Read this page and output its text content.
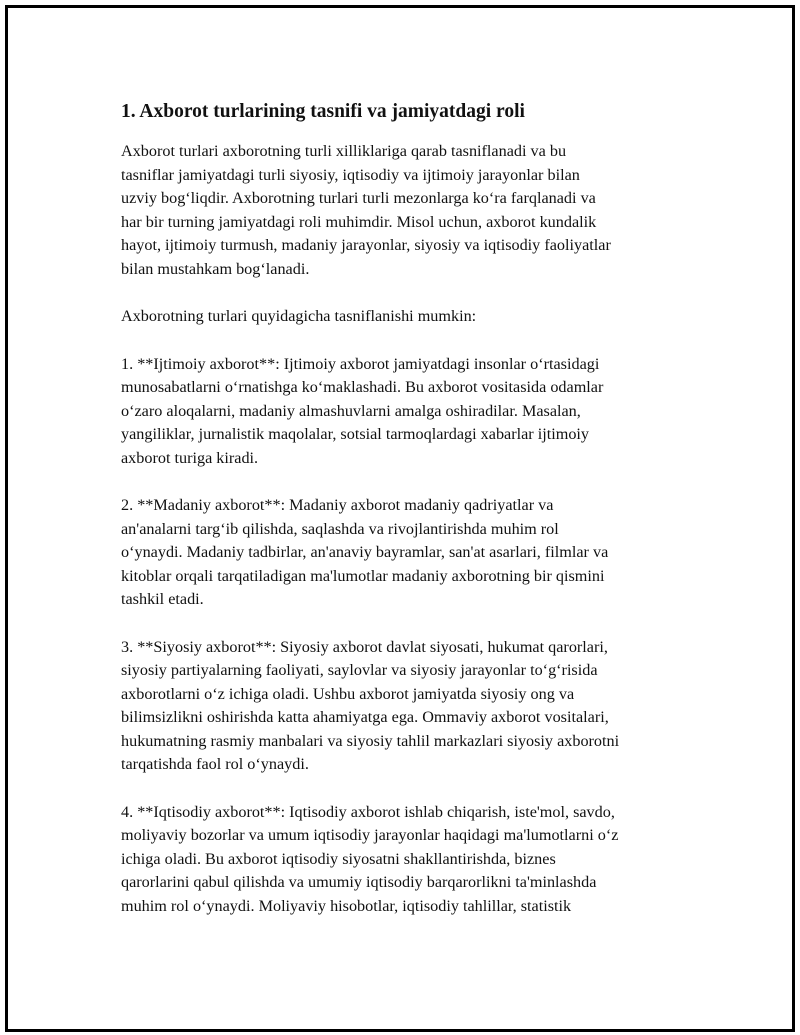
1. Axborot turlarining tasnifi va jamiyatdagi roli

Axborot turlari axborotning turli xilliklariga qarab tasniflanadi va bu
tasniflar jamiyatdagi turli siyosiy, iqtisodiy va ijtimoiy jarayonlar bilan
uzviy bog‘liqdir. Axborotning turlari turli mezonlarga ko‘ra farqlanadi va
har bir turning jamiyatdagi roli muhimdir. Misol uchun, axborot kundalik
hayot, ijtimoiy turmush, madaniy jarayonlar, siyosiy va iqtisodiy faoliyatlar
bilan mustahkam bog‘lanadi.

Axborotning turlari quyidagicha tasniflanishi mumkin:

1. **Ijtimoiy axborot**: Ijtimoiy axborot jamiyatdagi insonlar o‘rtasidagi
munosabatlarni o‘rnatishga ko‘maklashadi. Bu axborot vositasida odamlar
o‘zaro aloqalarni, madaniy almashuvlarni amalga oshiradilar. Masalan,
yangiliklar, jurnalistik maqolalar, sotsial tarmoqlardagi xabarlar ijtimoiy
axborot turiga kiradi.

2. **Madaniy axborot**: Madaniy axborot madaniy qadriyatlar va
an'analarni targ‘ib qilishda, saqlashda va rivojlantirishda muhim rol
o‘ynaydi. Madaniy tadbirlar, an'anaviy bayramlar, san'at asarlari, filmlar va
kitoblar orqali tarqatiladigan ma'lumotlar madaniy axborotning bir qismini
tashkil etadi.

3. **Siyosiy axborot**: Siyosiy axborot davlat siyosati, hukumat qarorlari,
siyosiy partiyalarning faoliyati, saylovlar va siyosiy jarayonlar to‘g‘risida
axborotlarni o‘z ichiga oladi. Ushbu axborot jamiyatda siyosiy ong va
bilimsizlikni oshirishda katta ahamiyatga ega. Ommaviy axborot vositalari,
hukumatning rasmiy manbalari va siyosiy tahlil markazlari siyosiy axborotni
tarqatishda faol rol o‘ynaydi.

4. **Iqtisodiy axborot**: Iqtisodiy axborot ishlab chiqarish, iste'mol, savdo,
moliyaviy bozorlar va umum iqtisodiy jarayonlar haqidagi ma'lumotlarni o‘z
ichiga oladi. Bu axborot iqtisodiy siyosatni shakllantirishda, biznes
qarorlarini qabul qilishda va umumiy iqtisodiy barqarorlikni ta'minlashda
muhim rol o‘ynaydi. Moliyaviy hisobotlar, iqtisodiy tahlillar, statistik
